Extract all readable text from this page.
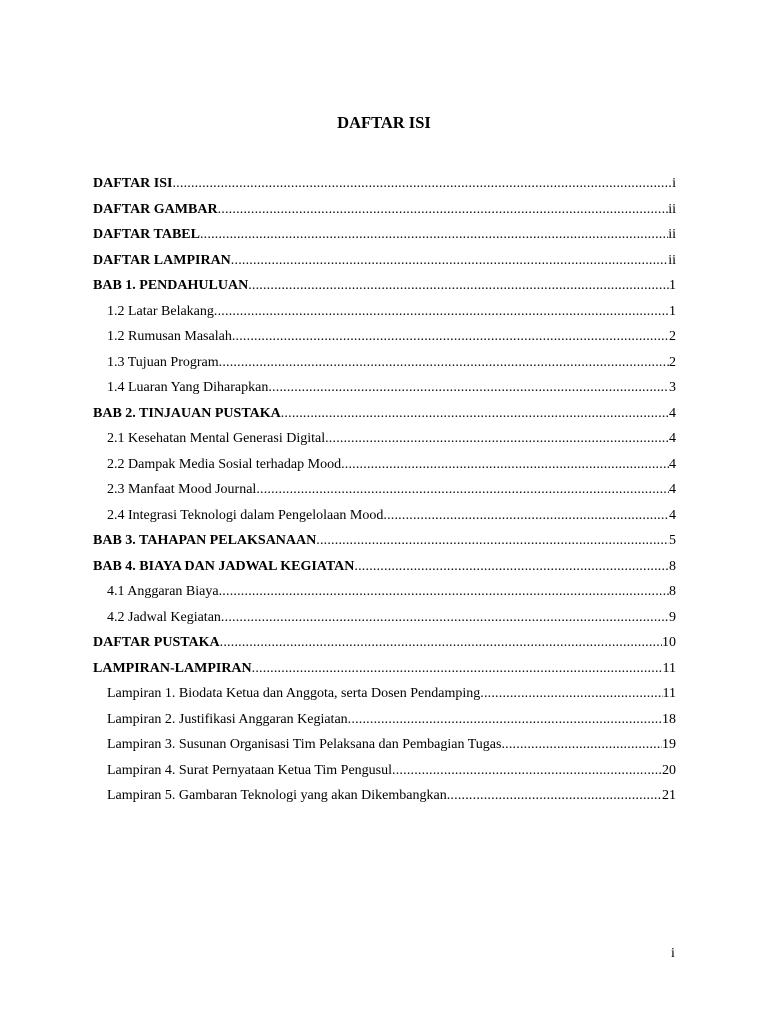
DAFTAR ISI
DAFTAR ISI .....	i
DAFTAR GAMBAR .....	ii
DAFTAR TABEL .....	ii
DAFTAR LAMPIRAN .....	ii
BAB 1. PENDAHULUAN .....	1
1.2 Latar Belakang .....	1
1.2 Rumusan Masalah .....	2
1.3 Tujuan Program .....	2
1.4 Luaran Yang Diharapkan .....	3
BAB 2. TINJAUAN PUSTAKA .....	4
2.1 Kesehatan Mental Generasi Digital .....	4
2.2 Dampak Media Sosial terhadap Mood .....	4
2.3 Manfaat Mood Journal .....	4
2.4 Integrasi Teknologi dalam Pengelolaan Mood .....	4
BAB 3. TAHAPAN PELAKSANAAN .....	5
BAB 4. BIAYA DAN JADWAL KEGIATAN .....	8
4.1 Anggaran Biaya .....	8
4.2 Jadwal Kegiatan .....	9
DAFTAR PUSTAKA .....	10
LAMPIRAN-LAMPIRAN .....	11
Lampiran 1. Biodata Ketua dan Anggota, serta Dosen Pendamping .....	11
Lampiran 2. Justifikasi Anggaran Kegiatan .....	18
Lampiran 3. Susunan Organisasi Tim Pelaksana dan Pembagian Tugas .....	19
Lampiran 4. Surat Pernyataan Ketua Tim Pengusul .....	20
Lampiran 5. Gambaran Teknologi yang akan Dikembangkan .....	21
i
